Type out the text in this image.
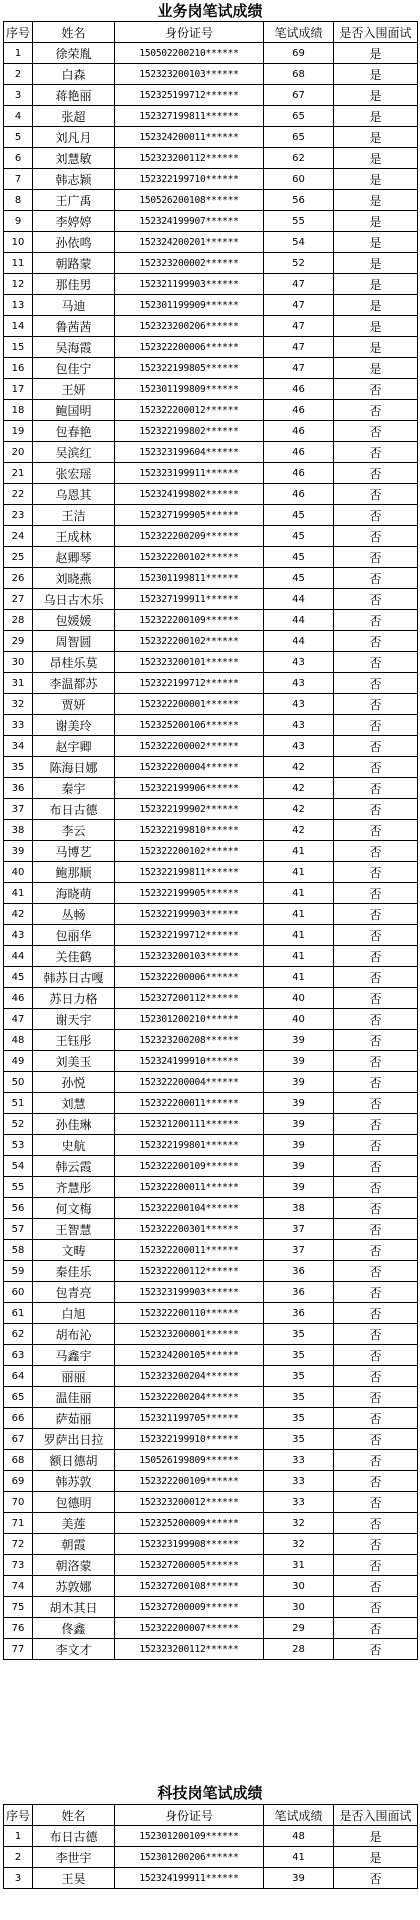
业务岗笔试成绩
序号	姓名	身份证号	笔试成绩	是否入围面试
1	徐荣胤	150502200210******	69	是
2	白森	152323200103******	68	是
3	蒋艳丽	152325199712******	67	是
4	张超	152327199811******	65	是
5	刘凡月	152324200011******	65	是
6	刘慧敏	152323200112******	62	是
7	韩志颖	152322199710******	60	是
8	王广禹	150526200108******	56	是
9	李婷婷	152324199907******	55	是
10	孙依鸣	152324200201******	54	是
11	朝路蒙	152323200002******	52	是
12	那佳男	152321199903******	47	是
13	马迪	152301199909******	47	是
14	鲁茜茜	152323200206******	47	是
15	吴海霞	152322200006******	47	是
16	包佳宁	152322199805******	47	是
17	王妍	152301199809******	46	否
18	鲍国明	152322200012******	46	否
19	包春艳	152322199802******	46	否
20	吴滨红	152323199604******	46	否
21	张宏瑶	152323199911******	46	否
22	乌恩其	152324199802******	46	否
23	王洁	152327199905******	45	否
24	王成林	152322200209******	45	否
25	赵卿琴	152322200102******	45	否
26	刘晓燕	152301199811******	45	否
27	乌日古木乐	152327199911******	44	否
28	包媛媛	152322200109******	44	否
29	周智圆	152322200102******	44	否
30	昂桂乐莫	152323200101******	43	否
31	李温都苏	152322199712******	43	否
32	贾妍	152322200001******	43	否
33	谢美玲	152325200106******	43	否
34	赵宇卿	152322200002******	43	否
35	陈海日娜	152322200004******	42	否
36	秦宇	152322199906******	42	否
37	布日古德	152322199902******	42	否
38	李云	152322199810******	42	否
39	马博艺	152322200102******	41	否
40	鲍那顺	152322199811******	41	否
41	海晓萌	152322199905******	41	否
42	丛畅	152322199903******	41	否
43	包丽华	152322199712******	41	否
44	关佳鹤	152323200103******	41	否
45	韩苏日古嘎	152322200006******	41	否
46	苏日力格	152327200112******	40	否
47	谢天宇	152301200210******	40	否
48	王钰彤	152323200208******	39	否
49	刘美玉	152324199910******	39	否
50	孙悦	152322200004******	39	否
51	刘慧	152322200011******	39	否
52	孙佳琳	152321200111******	39	否
53	史航	152322199801******	39	否
54	韩云霞	152322200109******	39	否
55	齐慧彤	152322200011******	39	否
56	何文梅	152322200104******	38	否
57	王智慧	152322200301******	37	否
58	文畴	152322200011******	37	否
59	秦佳乐	152322200112******	36	否
60	包青亮	152323199903******	36	否
61	白旭	152322200110******	36	否
62	胡布沁	152323200001******	35	否
63	马鑫宇	152324200105******	35	否
64	丽丽	152323200204******	35	否
65	温佳丽	152322200204******	35	否
66	萨茹丽	152321199705******	35	否
67	罗萨出日拉	152322199910******	35	否
68	额日德胡	150526199809******	33	否
69	韩苏敦	152322200109******	33	否
70	包德明	152323200012******	33	否
71	美莲	152325200009******	32	否
72	朝霞	152323199908******	32	否
73	朝洛蒙	152327200005******	31	否
74	苏敦娜	152327200108******	30	否
75	胡木其日	152327200009******	30	否
76	佟鑫	152322200007******	29	否
77	李文才	152323200112******	28	否
科技岗笔试成绩
序号	姓名	身份证号	笔试成绩	是否入围面试
1	布日古德	152301200109******	48	是
2	李世宇	152301200206******	41	是
3	王昊	152324199911******	39	否
